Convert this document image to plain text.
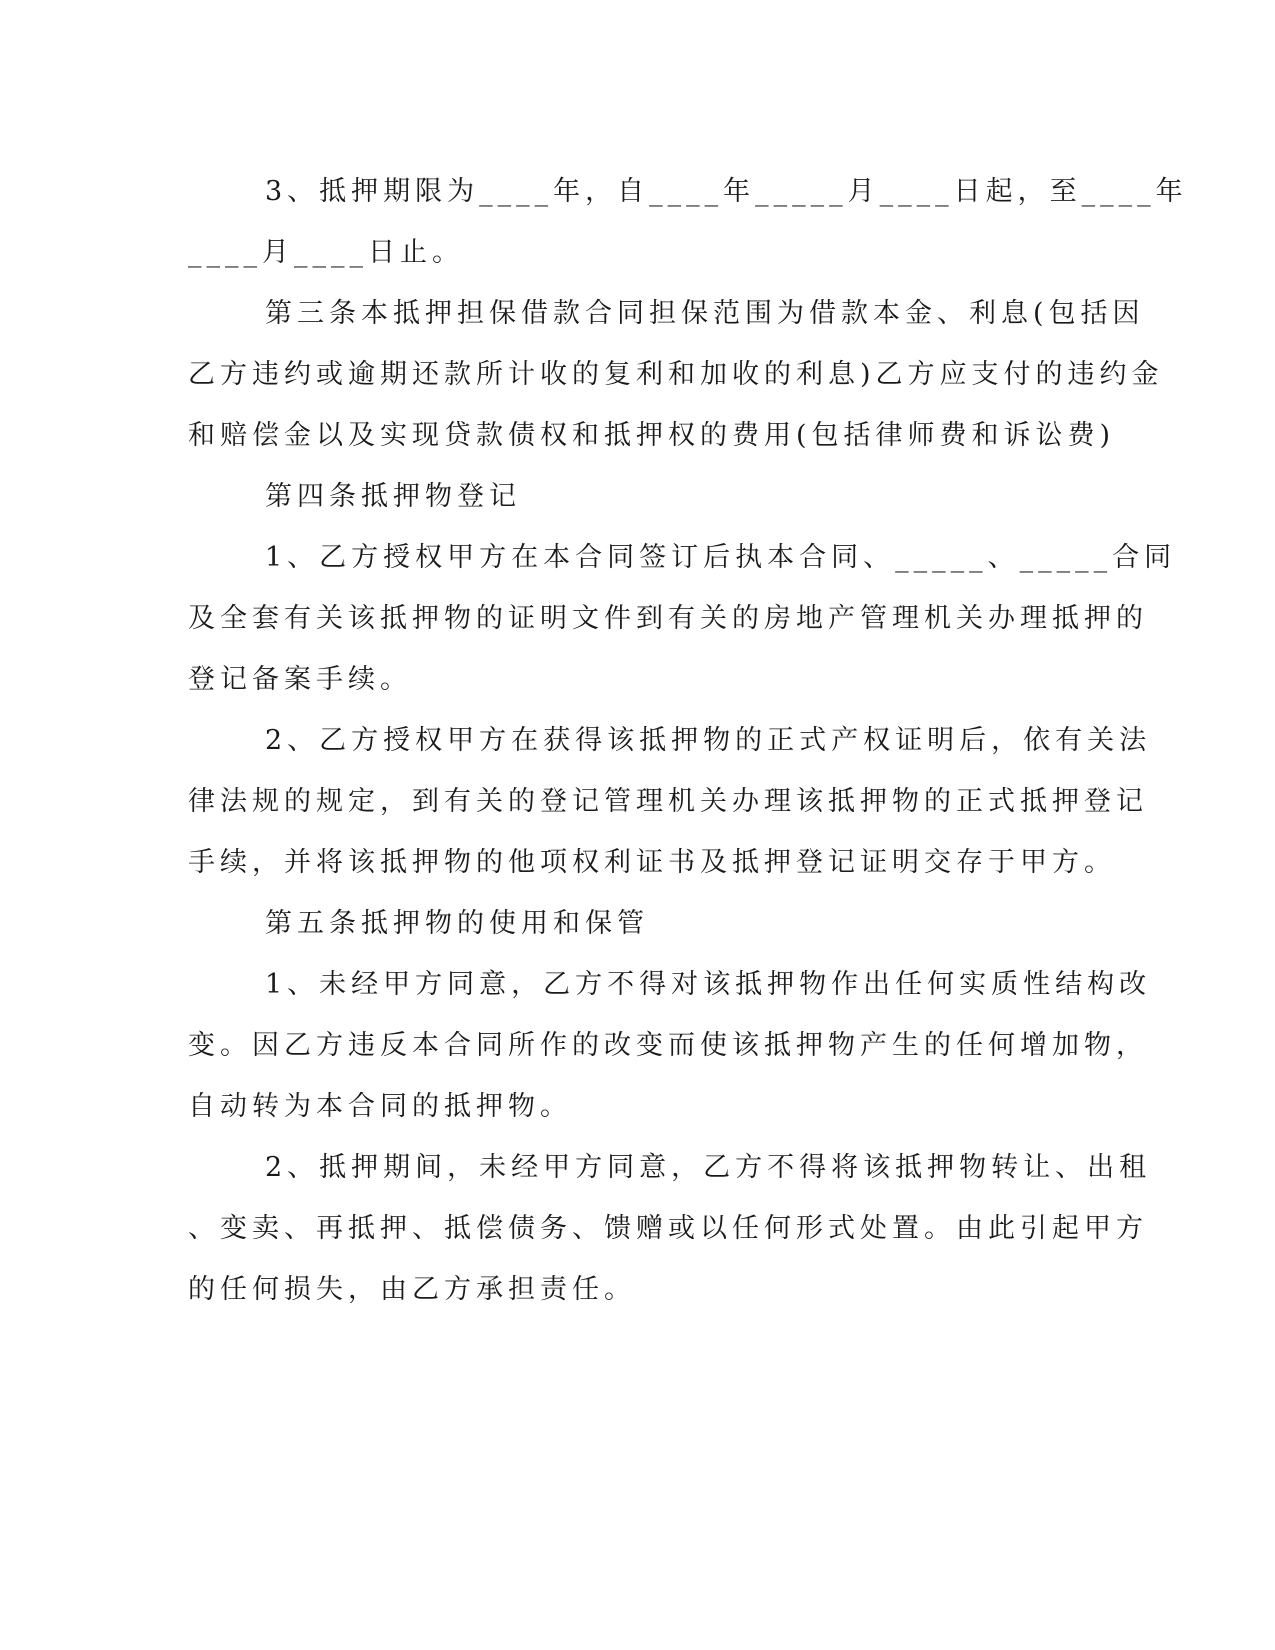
3、抵押期限为____年，自____年_____月____日起，至____年
____月____日止。

第三条本抵押担保借款合同担保范围为借款本金、利息(包括因
乙方违约或逾期还款所计收的复利和加收的利息)乙方应支付的违约金
和赔偿金以及实现贷款债权和抵押权的费用(包括律师费和诉讼费)

第四条抵押物登记

1、乙方授权甲方在本合同签订后执本合同、_____、_____合同
及全套有关该抵押物的证明文件到有关的房地产管理机关办理抵押的
登记备案手续。

2、乙方授权甲方在获得该抵押物的正式产权证明后，依有关法
律法规的规定，到有关的登记管理机关办理该抵押物的正式抵押登记
手续，并将该抵押物的他项权利证书及抵押登记证明交存于甲方。

第五条抵押物的使用和保管

1、未经甲方同意，乙方不得对该抵押物作出任何实质性结构改
变。因乙方违反本合同所作的改变而使该抵押物产生的任何增加物，
自动转为本合同的抵押物。

2、抵押期间，未经甲方同意，乙方不得将该抵押物转让、出租
、变卖、再抵押、抵偿债务、馈赠或以任何形式处置。由此引起甲方
的任何损失，由乙方承担责任。
